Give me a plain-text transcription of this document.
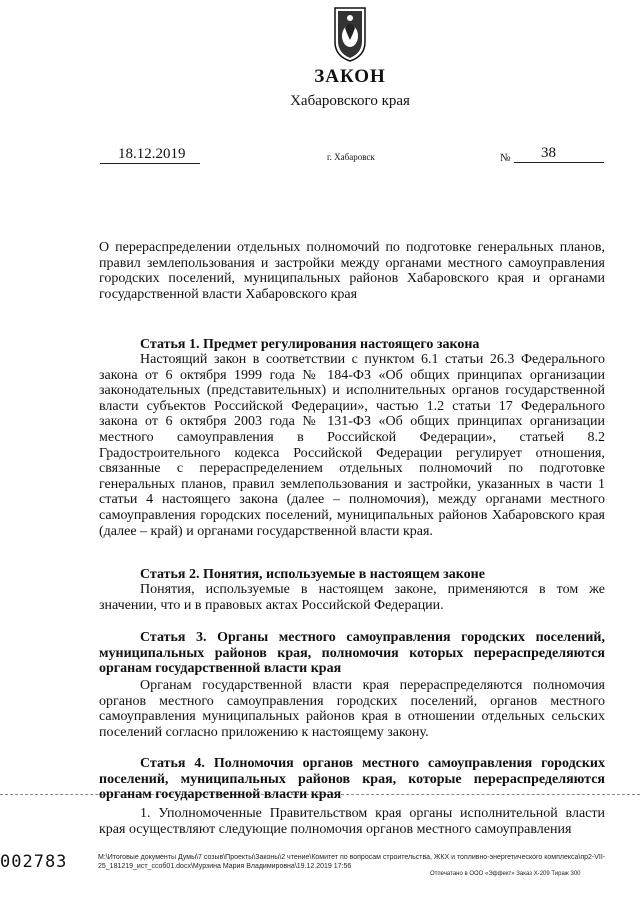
ЗАКОН
Хабаровского края
18.12.2019	г. Хабаровск	№ 38
О перераспределении отдельных полномочий по подготовке генеральных планов, правил землепользования и застройки между органами местного самоуправления городских поселений, муниципальных районов Хабаровского края и органами государственной власти Хабаровского края
Статья 1. Предмет регулирования настоящего закона
Настоящий закон в соответствии с пунктом 6.1 статьи 26.3 Федерального закона от 6 октября 1999 года № 184-ФЗ «Об общих принципах организации законодательных (представительных) и исполнительных органов государственной власти субъектов Российской Федерации», частью 1.2 статьи 17 Федерального закона от 6 октября 2003 года № 131-ФЗ «Об общих принципах организации местного самоуправления в Российской Федерации», статьей 8.2 Градостроительного кодекса Российской Федерации регулирует отношения, связанные с перераспределением отдельных полномочий по подготовке генеральных планов, правил землепользования и застройки, указанных в части 1 статьи 4 настоящего закона (далее – полномочия), между органами местного самоуправления городских поселений, муниципальных районов Хабаровского края (далее – край) и органами государственной власти края.
Статья 2. Понятия, используемые в настоящем законе
Понятия, используемые в настоящем законе, применяются в том же значении, что и в правовых актах Российской Федерации.
Статья 3. Органы местного самоуправления городских поселений, муниципальных районов края, полномочия которых перераспределяются органам государственной власти края
Органам государственной власти края перераспределяются полномочия органов местного самоуправления городских поселений, органов местного самоуправления муниципальных районов края в отношении отдельных сельских поселений согласно приложению к настоящему закону.
Статья 4. Полномочия органов местного самоуправления городских поселений, муниципальных районов края, которые перераспределяются органам государственной власти края
1. Уполномоченные Правительством края органы исполнительной власти края осуществляют следующие полномочия органов местного самоуправления
002783	M:\Итоговые документы Думы\7 созыв\Проекты\Законы\2 чтение\Комитет по вопросам строительства, ЖКХ и топливно-энергетического комплекса\пр2-VII-25_181219_ист_ссоб01.docx\Мурзина Мария Владимировна\19.12.2019 17:56
Отпечатано в ООО «Эффект» Заказ Х-209 Тираж 300
